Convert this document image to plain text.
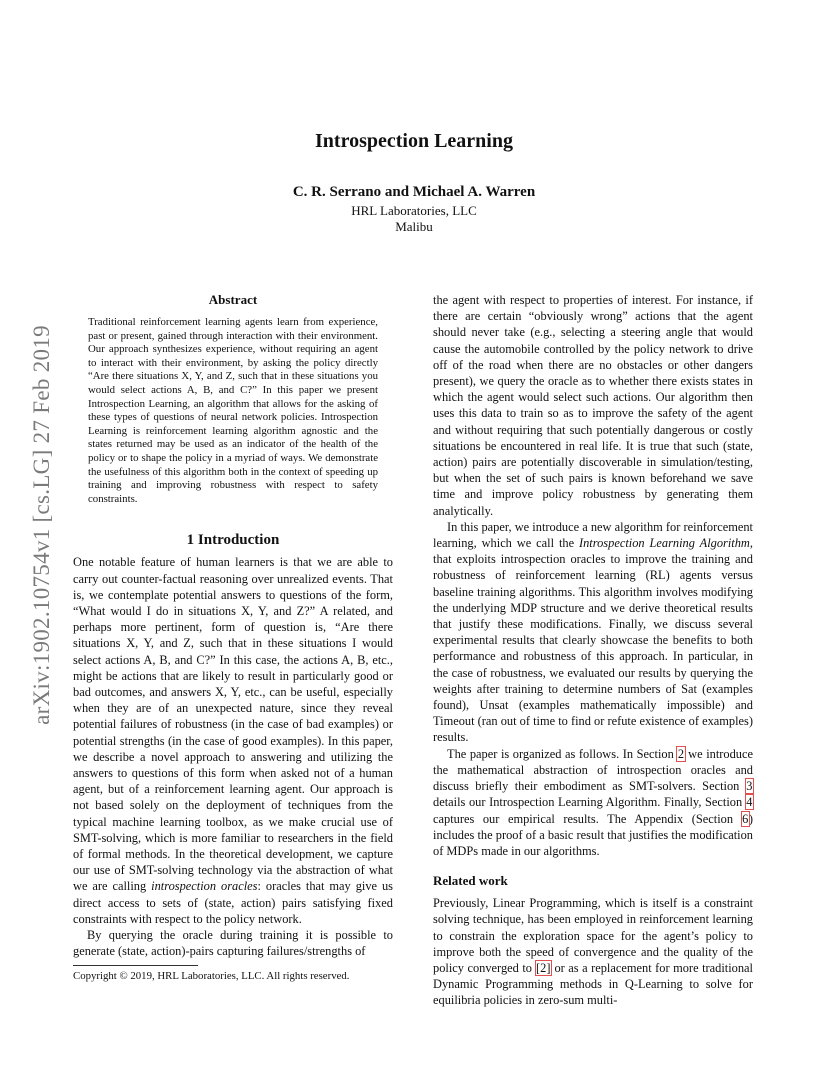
arXiv:1902.10754v1 [cs.LG] 27 Feb 2019
Introspection Learning
C. R. Serrano and Michael A. Warren
HRL Laboratories, LLC
Malibu
Abstract

Traditional reinforcement learning agents learn from experience, past or present, gained through interaction with their environment. Our approach synthesizes experience, without requiring an agent to interact with their environment, by asking the policy directly “Are there situations X, Y, and Z, such that in these situations you would select actions A, B, and C?” In this paper we present Introspection Learning, an algorithm that allows for the asking of these types of questions of neural network policies. Introspection Learning is reinforcement learning algorithm agnostic and the states returned may be used as an indicator of the health of the policy or to shape the policy in a myriad of ways. We demonstrate the usefulness of this algorithm both in the context of speeding up training and improving robustness with respect to safety constraints.

1 Introduction

One notable feature of human learners is that we are able to carry out counter-factual reasoning over unrealized events. That is, we contemplate potential answers to questions of the form, “What would I do in situations X, Y, and Z?” A related, and perhaps more pertinent, form of question is, “Are there situations X, Y, and Z, such that in these situations I would select actions A, B, and C?” In this case, the actions A, B, etc., might be actions that are likely to result in particularly good or bad outcomes, and answers X, Y, etc., can be useful, especially when they are of an unexpected nature, since they reveal potential failures of robustness (in the case of bad examples) or potential strengths (in the case of good examples). In this paper, we describe a novel approach to answering and utilizing the answers to questions of this form when asked not of a human agent, but of a reinforcement learning agent. Our approach is not based solely on the deployment of techniques from the typical machine learning toolbox, as we make crucial use of SMT-solving, which is more familiar to researchers in the field of formal methods. In the theoretical development, we capture our use of SMT-solving technology via the abstraction of what we are calling introspection oracles: oracles that may give us direct access to sets of (state, action) pairs satisfying fixed constraints with respect to the policy network.

By querying the oracle during training it is possible to generate (state, action)-pairs capturing failures/strengths of

Copyright © 2019, HRL Laboratories, LLC. All rights reserved.

the agent with respect to properties of interest. For instance, if there are certain “obviously wrong” actions that the agent should never take (e.g., selecting a steering angle that would cause the automobile controlled by the policy network to drive off of the road when there are no obstacles or other dangers present), we query the oracle as to whether there exists states in which the agent would select such actions. Our algorithm then uses this data to train so as to improve the safety of the agent and without requiring that such potentially dangerous or costly situations be encountered in real life. It is true that such (state, action) pairs are potentially discoverable in simulation/testing, but when the set of such pairs is known beforehand we save time and improve policy robustness by generating them analytically.

In this paper, we introduce a new algorithm for reinforcement learning, which we call the Introspection Learning Algorithm, that exploits introspection oracles to improve the training and robustness of reinforcement learning (RL) agents versus baseline training algorithms. This algorithm involves modifying the underlying MDP structure and we derive theoretical results that justify these modifications. Finally, we discuss several experimental results that clearly showcase the benefits to both performance and robustness of this approach. In particular, in the case of robustness, we evaluated our results by querying the weights after training to determine numbers of Sat (examples found), Unsat (examples mathematically impossible) and Timeout (ran out of time to find or refute existence of examples) results.

The paper is organized as follows. In Section 2 we introduce the mathematical abstraction of introspection oracles and discuss briefly their embodiment as SMT-solvers. Section 3 details our Introspection Learning Algorithm. Finally, Section 4 captures our empirical results. The Appendix (Section 6) includes the proof of a basic result that justifies the modification of MDPs made in our algorithms.

Related work

Previously, Linear Programming, which is itself is a constraint solving technique, has been employed in reinforcement learning to constrain the exploration space for the agent’s policy to improve both the speed of convergence and the quality of the policy converged to [2] or as a replacement for more traditional Dynamic Programming methods in Q-Learning to solve for equilibria policies in zero-sum multi-
